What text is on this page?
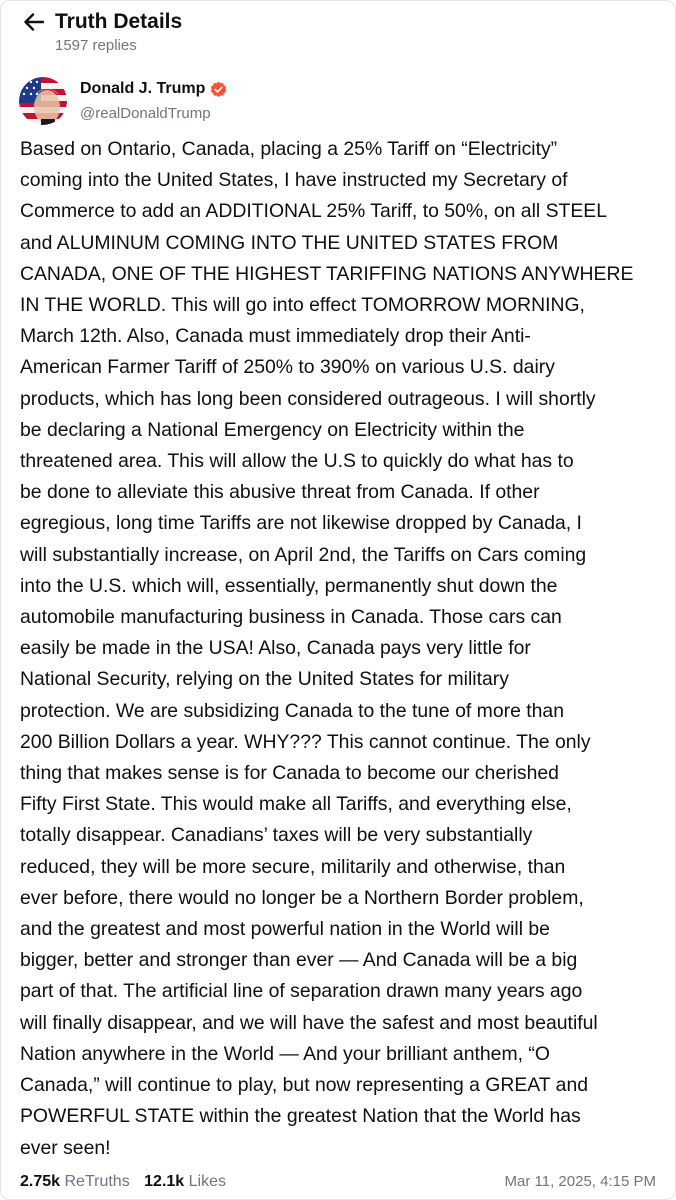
Truth Details
1597 replies
Donald J. Trump
@realDonaldTrump

Based on Ontario, Canada, placing a 25% Tariff on “Electricity”
coming into the United States, I have instructed my Secretary of
Commerce to add an ADDITIONAL 25% Tariff, to 50%, on all STEEL
and ALUMINUM COMING INTO THE UNITED STATES FROM
CANADA, ONE OF THE HIGHEST TARIFFING NATIONS ANYWHERE
IN THE WORLD. This will go into effect TOMORROW MORNING,
March 12th. Also, Canada must immediately drop their Anti-
American Farmer Tariff of 250% to 390% on various U.S. dairy
products, which has long been considered outrageous. I will shortly
be declaring a National Emergency on Electricity within the
threatened area. This will allow the U.S to quickly do what has to
be done to alleviate this abusive threat from Canada. If other
egregious, long time Tariffs are not likewise dropped by Canada, I
will substantially increase, on April 2nd, the Tariffs on Cars coming
into the U.S. which will, essentially, permanently shut down the
automobile manufacturing business in Canada. Those cars can
easily be made in the USA! Also, Canada pays very little for
National Security, relying on the United States for military
protection. We are subsidizing Canada to the tune of more than
200 Billion Dollars a year. WHY??? This cannot continue. The only
thing that makes sense is for Canada to become our cherished
Fifty First State. This would make all Tariffs, and everything else,
totally disappear. Canadians’ taxes will be very substantially
reduced, they will be more secure, militarily and otherwise, than
ever before, there would no longer be a Northern Border problem,
and the greatest and most powerful nation in the World will be
bigger, better and stronger than ever — And Canada will be a big
part of that. The artificial line of separation drawn many years ago
will finally disappear, and we will have the safest and most beautiful
Nation anywhere in the World — And your brilliant anthem, “O
Canada,” will continue to play, but now representing a GREAT and
POWERFUL STATE within the greatest Nation that the World has
ever seen!

2.75k ReTruths 12.1k Likes	Mar 11, 2025, 4:15 PM
